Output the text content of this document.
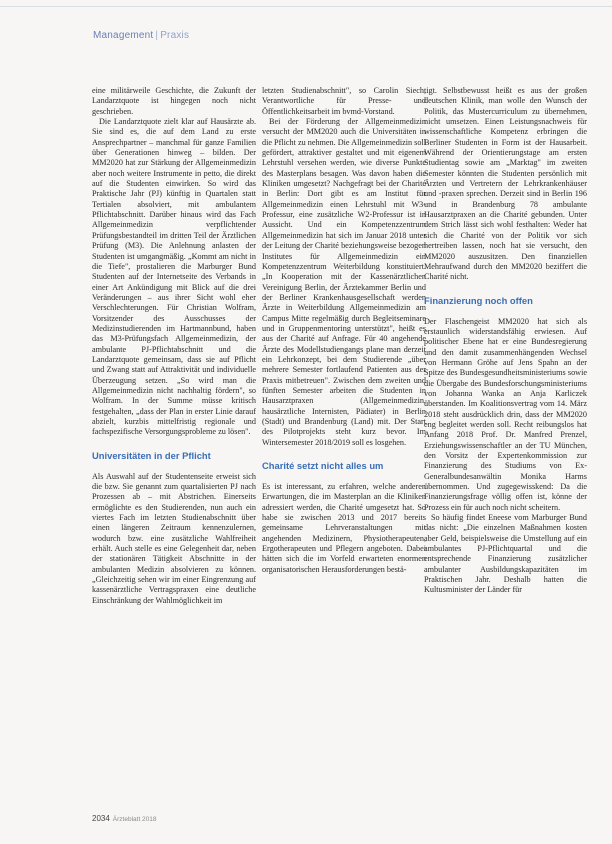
Management | Praxis

eine militärweile Geschichte, die Zukunft der Landarztquote ist hingegen noch nicht geschrieben.

Die Landarztquote zielt klar auf Hausärzte ab. Sie sind es, die auf dem Land zu erste Ansprechpartner – manchmal für ganze Familien über Generationen hinweg – bilden. Der MM2020 hat zur Stärkung der Allgemeinmedizin aber noch weitere Instrumente in petto, die direkt auf die Studenten einwirken. So wird das Praktische Jahr (PJ) künftig in Quartalen statt Tertialen absolviert, mit ambulantem Pflichtabschnitt. Darüber hinaus wird das Fach Allgemeinmedizin verpflichtender Prüfungsbestandteil im dritten Teil der Ärztlichen Prüfung (M3). Die Anlehnung anlasten der Studenten ist umgangmäßig. „Kommt am nicht in die Tiefe", prostalieren die Marburger Bund Studenten auf der Internetseite des Verbands in einer Art Ankündigung mit Blick auf die drei Veränderungen – aus ihrer Sicht wohl eher Verschlechterungen. Für Christian Wolfram, Vorsitzender des Ausschusses der Medizinstudierenden im Hartmannbund, haben das M3-Prüfungsfach Allgemeinmedizin, der ambulante PJ-Pflichtabschnitt und die Landarztquote gemeinsam, dass sie auf Pflicht und Zwang statt auf Attraktivität und individuelle Überzeugung setzen. „So wird man die Allgemeinmedizin nicht nachhaltig fördern", so Wolfram. In der Summe müsse kritisch festgehalten, „dass der Plan in erster Linie darauf abzielt, kurzbis mittelfristig regionale und fachspezifische Versorgungsprobleme zu lösen".

Universitäten in der Pflicht

Als Auswahl auf der Studentenseite erweist sich die bzw. Sie genannt zum quartalisierten PJ nach Prozessen ab – mit Abstrichen. Einerseits ermöglichte es den Studierenden, nun auch ein viertes Fach im letzten Studienabschnitt über einen längeren Zeitraum kennenzulernen, wodurch bzw. eine zusätzliche Wahlfreiheit erhält. Auch stelle es eine Gelegenheit dar, neben der stationären Tätigkeit Abschnitte in der ambulanten Medizin absolvieren zu können. „Gleichzeitig sehen wir im einer Eingrenzung auf kassenärztliche Vertragspraxen eine deutliche Einschränkung der Wahlmöglichkeit im

letzten Studienabschnitt", so Carolin Siech, Verantwortliche für Presse- und Öffentlichkeitsarbeit im bvmd-Vorstand.

Bei der Förderung der Allgemeinmedizin versucht der MM2020 auch die Universitäten in die Pflicht zu nehmen. Die Allgemeinmedizin soll gefördert, attraktiver gestaltet und mit eigenem Lehrstuhl versehen werden, wie diverse Punkte des Masterplans besagen. Was davon haben die Kliniken umgesetzt? Nachgefragt bei der Charité in Berlin: Dort gibt es am Institut für Allgemeinmedizin einen Lehrstuhl mit W3-Professur, eine zusätzliche W2-Professur ist in Aussicht. Und ein Kompetenzzentrum Allgemeinmedizin hat sich im Januar 2018 unter der Leitung der Charité beziehungsweise bezogen Institutes für Allgemeinmedizin ein Kompetenzzentrum Weiterbildung konstituiert. „In Kooperation mit der Kassenärztlichen Vereinigung Berlin, der Ärztekammer Berlin und der Berliner Krankenhausgesellschaft werden Ärzte in Weiterbildung Allgemeinmedizin am Campus Mitte regelmäßig durch Begleitseminare und in Gruppenmentoring unterstützt", heißt es aus der Charité auf Anfrage. Für 40 angehende Ärzte des Modellstudiengangs plane man derzeit ein Lehrkonzept, bei dem Studierende „über mehrere Semester fortlaufend Patienten aus der Praxis mitbetreuen". Zwischen dem zweiten und fünften Semester arbeiten die Studenten in Hausarztpraxen (Allgemeinmedizin, hausärztliche Internisten, Pädiater) in Berlin (Stadt) und Brandenburg (Land) mit. Der Start des Pilotprojekts steht kurz bevor. Im Wintersemester 2018/2019 soll es losgehen.

Charité setzt nicht alles um

Es ist interessant, zu erfahren, welche anderen Erwartungen, die im Masterplan an die Kliniken adressiert werden, die Charité umgesetzt hat. So habe sie zwischen 2013 und 2017 bereits gemeinsame Lehrveranstaltungen mit angehenden Medizinern, Physiotherapeuten, Ergotherapeuten und Pflegern angeboten. Dabei hätten sich die im Vorfeld erwarteten enormen organisatorischen Herausforderungen bestä-

tigt. Selbstbewusst heißt es aus der großen deutschen Klinik, man wolle den Wunsch der Politik, das Mustercurriculum zu übernehmen, nicht umsetzen. Einen Leistungsnachweis für wissenschaftliche Kompetenz erbringen die Berliner Studenten in Form ist der Hausarbeit. Während der Orientierungstage am ersten Studientag sowie am „Marktag" im zweiten Semester könnten die Studenten persönlich mit Ärzten und Vertretern der Lehrkrankenhäuser und -praxen sprechen. Derzeit sind in Berlin 196 und in Brandenburg 78 ambulante Hausarztpraxen an die Charité gebunden. Unter dem Strich lässt sich wohl festhalten: Weder hat sich die Charité von der Politik vor sich hertreiben lassen, noch hat sie versucht, den MM2020 auszusitzen. Den finanziellen Mehraufwand durch den MM2020 beziffert die Charité nicht.

Finanzierung noch offen

Der Flaschengeist MM2020 hat sich als erstaunlich widerstandsfähig erwiesen. Auf politischer Ebene hat er eine Bundesregierung und den damit zusammenhängenden Wechsel von Hermann Gröhe auf Jens Spahn an der Spitze des Bundesgesundheitsministeriums sowie die Übergabe des Bundesforschungsministeriums von Johanna Wanka an Anja Karliczek überstanden. Im Koalitionsvertrag vom 14. März 2018 steht ausdrücklich drin, dass der MM2020 eng begleitet werden soll. Recht reibungslos hat Anfang 2018 Prof. Dr. Manfred Prenzel, Erziehungswissenschaftler an der TU München, den Vorsitz der Expertenkommission zur Finanzierung des Studiums von Ex-Generalbundesanwältin Monika Harms übernommen. Und zugegewisskend: Da die Finanzierungsfrage völlig offen ist, könne der Prozess ein für auch noch nicht scheitern.

So häufig findet Eneese vom Marburger Bund das nicht: „Die einzelnen Maßnahmen kosten aber Geld, beispielsweise die Umstellung auf ein ambulantes PJ-Pflichtquartal und die entsprechende Finanzierung zusätzlicher ambulanter Ausbildungskapazitäten im Praktischen Jahr. Deshalb hatten die Kultusminister der Länder für

2034 Ärzteblatt 2018
